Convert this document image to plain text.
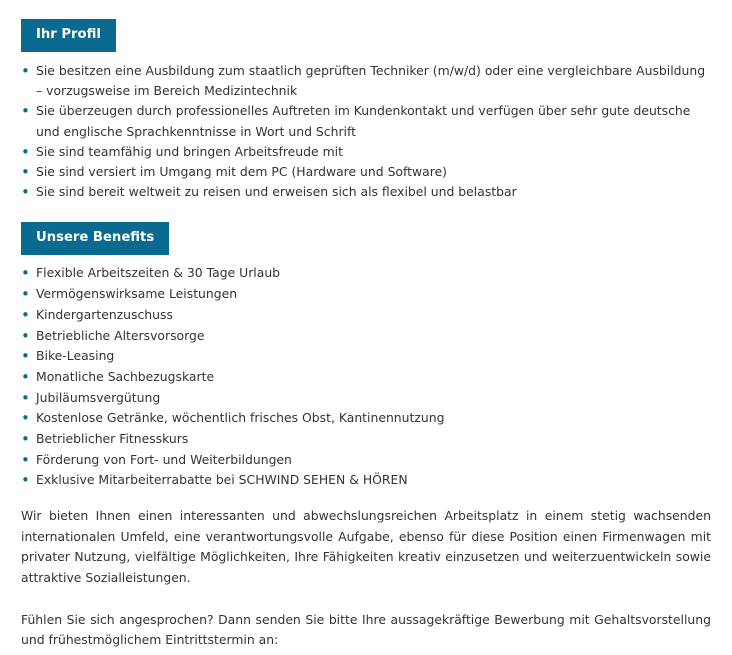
Ihr Profil
• Sie besitzen eine Ausbildung zum staatlich geprüften Techniker (m/w/d) oder eine vergleichbare Ausbildung – vorzugsweise im Bereich Medizintechnik
• Sie überzeugen durch professionelles Auftreten im Kundenkontakt und verfügen über sehr gute deutsche und englische Sprachkenntnisse in Wort und Schrift
• Sie sind teamfähig und bringen Arbeitsfreude mit
• Sie sind versiert im Umgang mit dem PC (Hardware und Software)
• Sie sind bereit weltweit zu reisen und erweisen sich als flexibel und belastbar
Unsere Benefits
• Flexible Arbeitszeiten & 30 Tage Urlaub
• Vermögenswirksame Leistungen
• Kindergartenzuschuss
• Betriebliche Altersvorsorge
• Bike-Leasing
• Monatliche Sachbezugskarte
• Jubiläumsvergütung
• Kostenlose Getränke, wöchentlich frisches Obst, Kantinennutzung
• Betrieblicher Fitnesskurs
• Förderung von Fort- und Weiterbildungen
• Exklusive Mitarbeiterrabatte bei SCHWIND SEHEN & HÖREN

Wir bieten Ihnen einen interessanten und abwechslungsreichen Arbeitsplatz in einem stetig wachsenden internationalen Umfeld, eine verantwortungsvolle Aufgabe, ebenso für diese Position einen Firmenwagen mit privater Nutzung, vielfältige Möglichkeiten, Ihre Fähigkeiten kreativ einzusetzen und weiterzuentwickeln sowie attraktive Sozialleistungen.

Fühlen Sie sich angesprochen? Dann senden Sie bitte Ihre aussagekräftige Bewerbung mit Gehaltsvorstellung und frühestmöglichem Eintrittstermin an:
